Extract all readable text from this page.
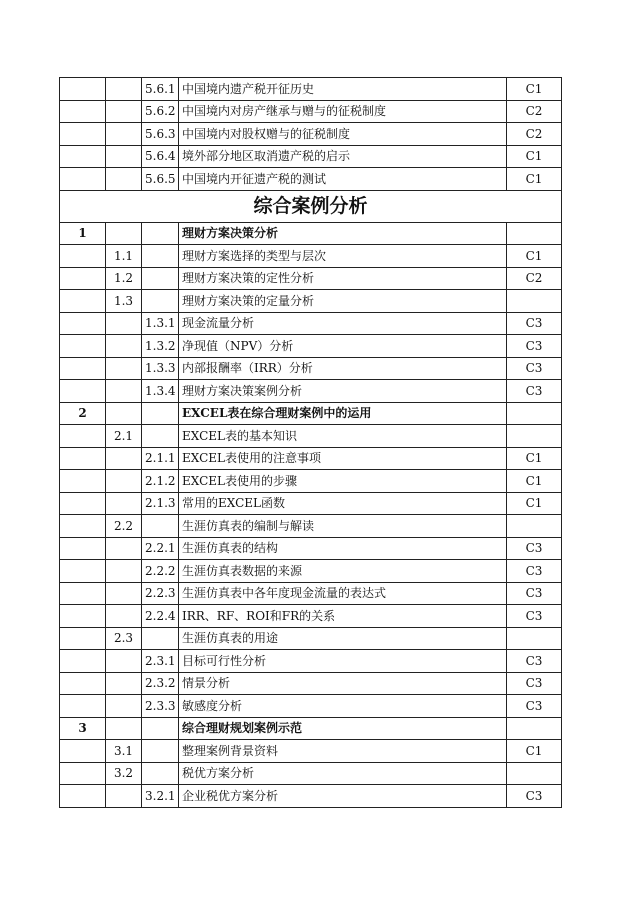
		5.6.1	中国境内遗产税开征历史	C1
		5.6.2	中国境内对房产继承与赠与的征税制度	C2
		5.6.3	中国境内对股权赠与的征税制度	C2
		5.6.4	境外部分地区取消遗产税的启示	C1
		5.6.5	中国境内开征遗产税的测试	C1
综合案例分析				
1			理财方案决策分析	
	1.1		理财方案选择的类型与层次	C1
	1.2		理财方案决策的定性分析	C2
	1.3		理财方案决策的定量分析	
		1.3.1	现金流量分析	C3
		1.3.2	净现值（NPV）分析	C3
		1.3.3	内部报酬率（IRR）分析	C3
		1.3.4	理财方案决策案例分析	C3
2			EXCEL表在综合理财案例中的运用	
	2.1		EXCEL表的基本知识	
		2.1.1	EXCEL表使用的注意事项	C1
		2.1.2	EXCEL表使用的步骤	C1
		2.1.3	常用的EXCEL函数	C1
	2.2		生涯仿真表的编制与解读	
		2.2.1	生涯仿真表的结构	C3
		2.2.2	生涯仿真表数据的来源	C3
		2.2.3	生涯仿真表中各年度现金流量的表达式	C3
		2.2.4	IRR、RF、ROI和FR的关系	C3
	2.3		生涯仿真表的用途	
		2.3.1	目标可行性分析	C3
		2.3.2	情景分析	C3
		2.3.3	敏感度分析	C3
3			综合理财规划案例示范	
	3.1		整理案例背景资料	C1
	3.2		税优方案分析	
		3.2.1	企业税优方案分析	C3
